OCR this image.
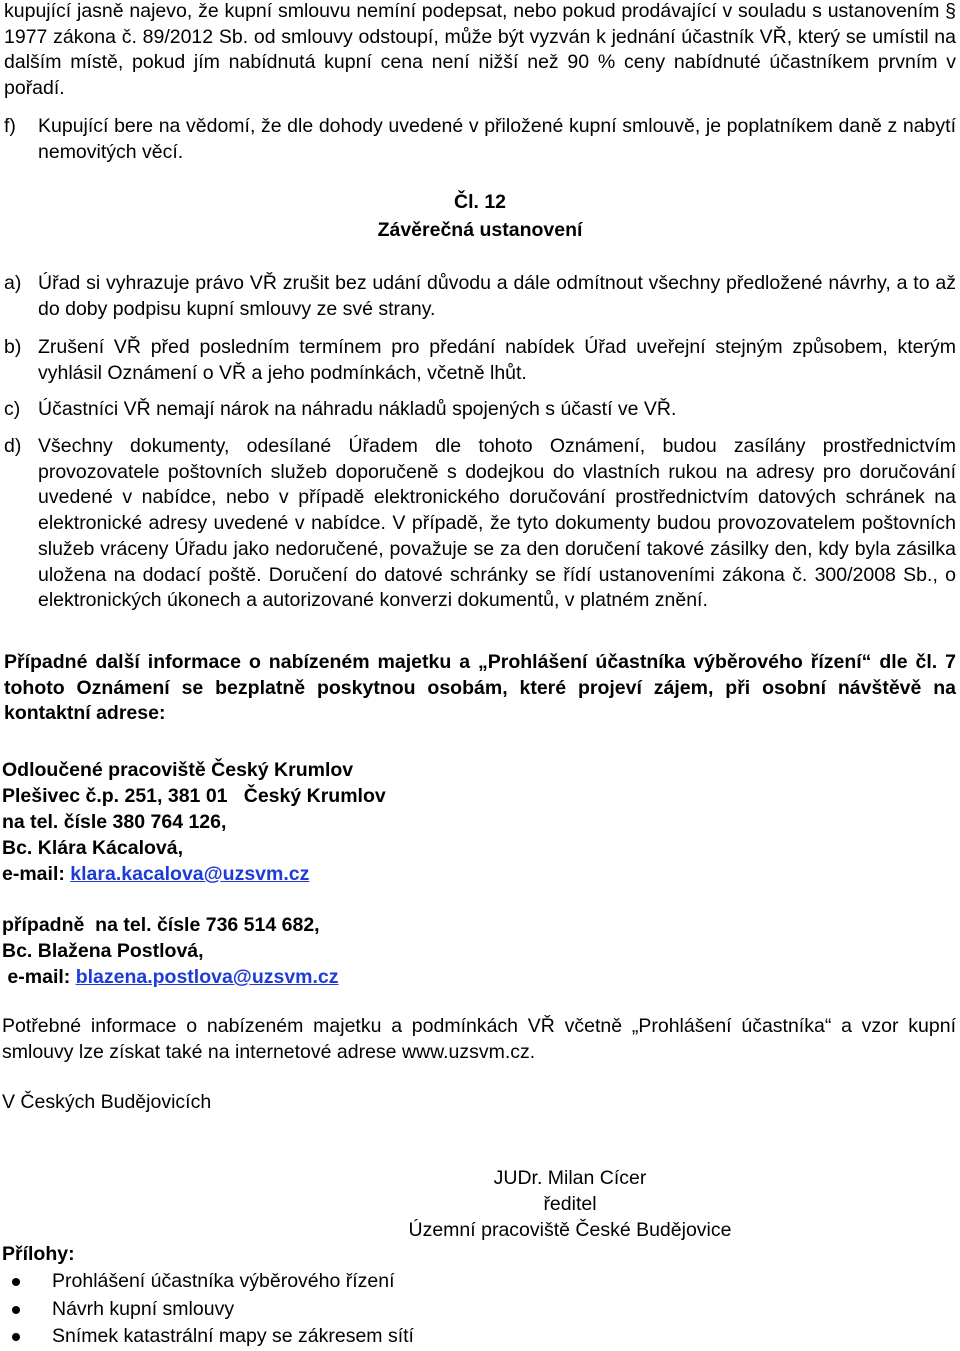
kupující jasně najevo, že kupní smlouvu nemíní podepsat, nebo pokud prodávající v souladu s ustanovením § 1977 zákona č. 89/2012 Sb. od smlouvy odstoupí, může být vyzván k jednání účastník VŘ, který se umístil na dalším místě, pokud jím nabídnutá kupní cena není nižší než 90 % ceny nabídnuté účastníkem prvním v pořadí.

f) Kupující bere na vědomí, že dle dohody uvedené v přiložené kupní smlouvě, je poplatníkem daně z nabytí nemovitých věcí.
Čl. 12
Závěrečná ustanovení
a) Úřad si vyhrazuje právo VŘ zrušit bez udání důvodu a dále odmítnout všechny předložené návrhy, a to až do doby podpisu kupní smlouvy ze své strany.
b) Zrušení VŘ před posledním termínem pro předání nabídek Úřad uveřejní stejným způsobem, kterým vyhlásil Oznámení o VŘ a jeho podmínkách, včetně lhůt.
c) Účastníci VŘ nemají nárok na náhradu nákladů spojených s účastí ve VŘ.
d) Všechny dokumenty, odesílané Úřadem dle tohoto Oznámení, budou zasílány prostřednictvím provozovatele poštovních služeb doporučeně s dodejkou do vlastních rukou na adresy pro doručování uvedené v nabídce, nebo v případě elektronického doručování prostřednictvím datových schránek na elektronické adresy uvedené v nabídce. V případě, že tyto dokumenty budou provozovatelem poštovních služeb vráceny Úřadu jako nedoručené, považuje se za den doručení takové zásilky den, kdy byla zásilka uložena na dodací poště. Doručení do datové schránky se řídí ustanoveními zákona č. 300/2008 Sb., o elektronických úkonech a autorizované konverzi dokumentů, v platném znění.

Případné další informace o nabízeném majetku a „Prohlášení účastníka výběrového řízení“ dle čl. 7 tohoto Oznámení se bezplatně poskytnou osobám, které projeví zájem, při osobní návštěvě na kontaktní adrese:

Odloučené pracoviště Český Krumlov
Plešivec č.p. 251, 381 01   Český Krumlov
na tel. čísle 380 764 126,
Bc. Klára Kácalová,
e-mail: klara.kacalova@uzsvm.cz
případně  na tel. čísle 736 514 682,
Bc. Blažena Postlová,
e-mail: blazena.postlova@uzsvm.cz

Potřebné informace o nabízeném majetku a podmínkách VŘ včetně „Prohlášení účastníka“ a vzor kupní smlouvy lze získat také na internetové adrese www.uzsvm.cz.

V Českých Budějovicích
JUDr. Milan Cícer
ředitel
Územní pracoviště České Budějovice
Přílohy:
Prohlášení účastníka výběrového řízení
Návrh kupní smlouvy
Snímek katastrální mapy se zákresem sítí
